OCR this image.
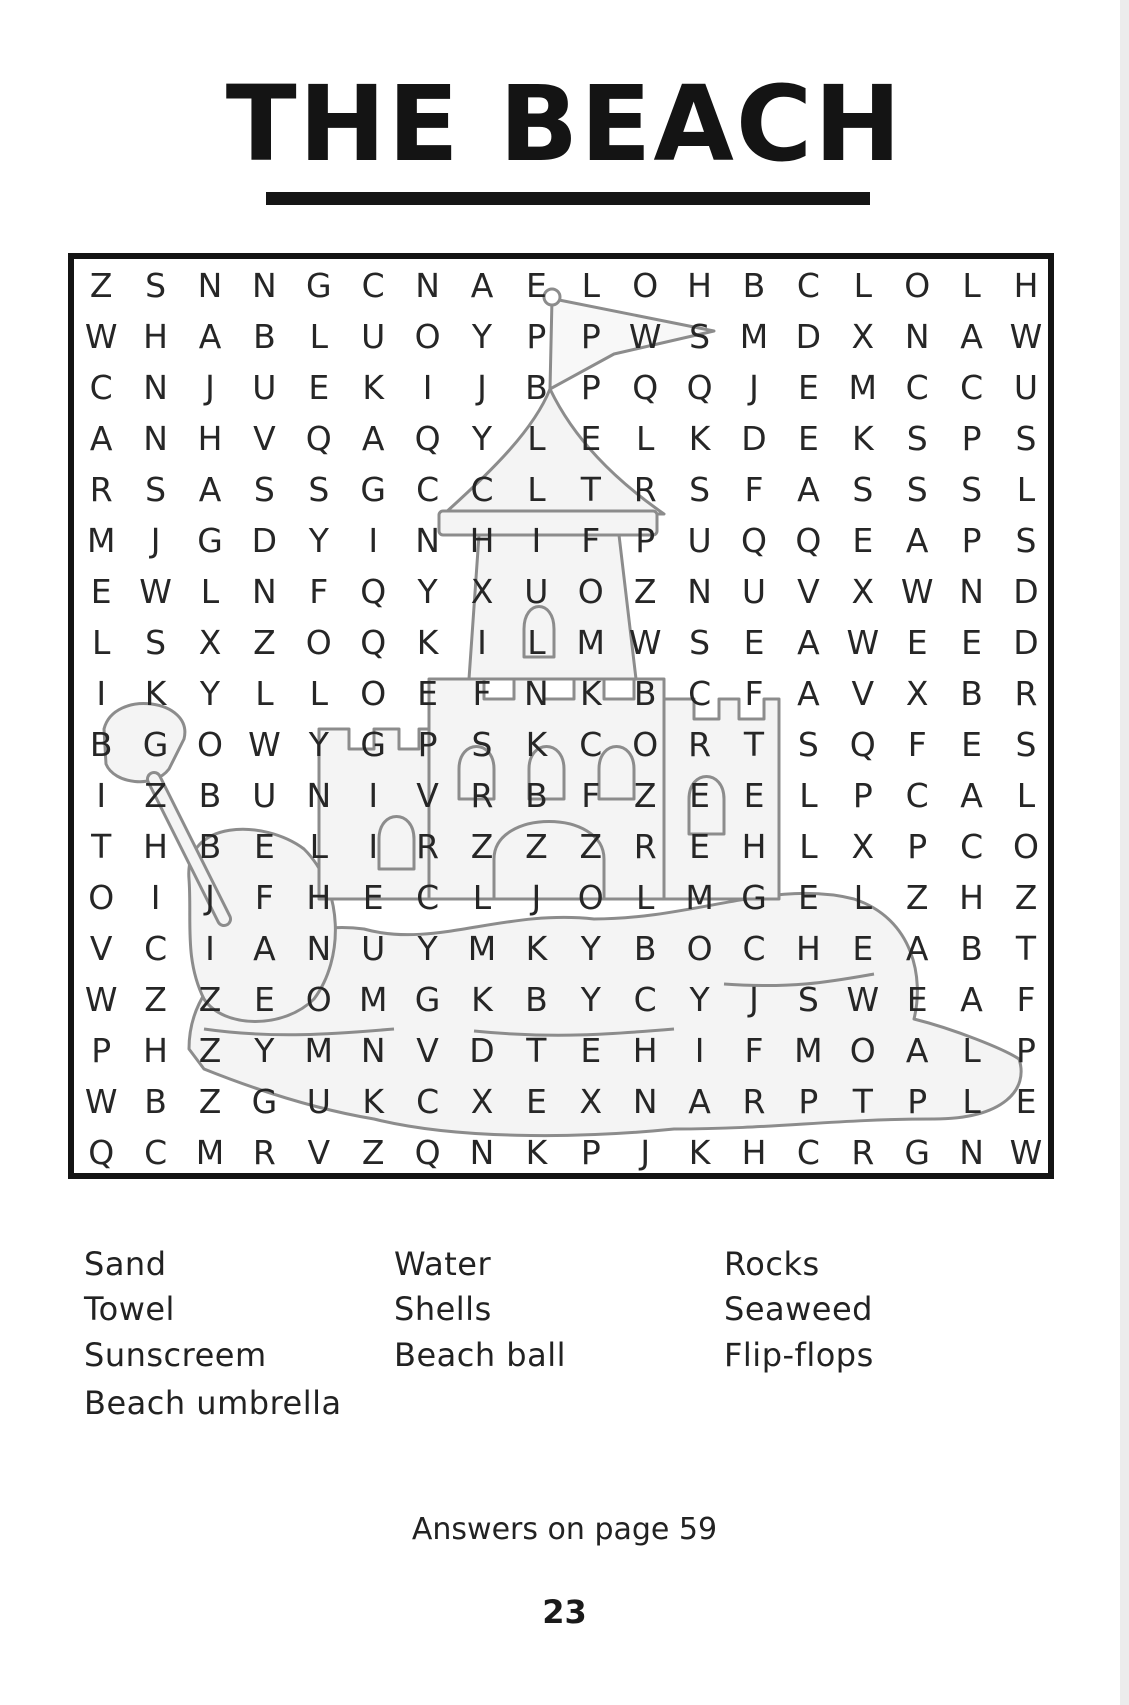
THE BEACH
Z S N N G C N A E	L O H B C	L O L H
W H A B	L	U O Y	P	P W S M D X N A W
C N	J	U E	K	I	J	B	P Q Q	J	E M C C U
A N H V Q A Q Y	L	E	L	K D E	K	S	P	S
R S A S	S G C C	L	T R S	F	A S	S	S	L
M	J	G D Y	I	N H	I	F	P U Q Q E A	P	S
E W L N F Q Y	X U O Z N U V X W N D
L	S X Z O Q K	I	L M W S	E A W E	E D
I	K	Y	L	L O E	F N K B C	F	A V X B R
B G O W Y G P	S	K C O R T	S Q F	E	S
I	Z B U N	I	V R B	F	Z E	E	L	P C A	L
T H B E	L	I	R Z Z Z R E H L	X	P C O
O	I	J	F H E C	L	J	O L M G E	L	Z H Z
V C	I	A N U Y M K	Y	B O C H E A B	T
W Z Z E O M G K B	Y C Y	J	S W E A	F
P H Z	Y M N V D T	E H	I	F M O A	L	P
W B Z G U K C X E X N A R P	T	P	L	E
Q C M R V Z Q N K	P	J	K H C R G N W
Sand
Towel
Sunscreem
Beach umbrella
Water
Shells
Beach ball
Rocks
Seaweed
Flip-flops
Answers on page 59
23
